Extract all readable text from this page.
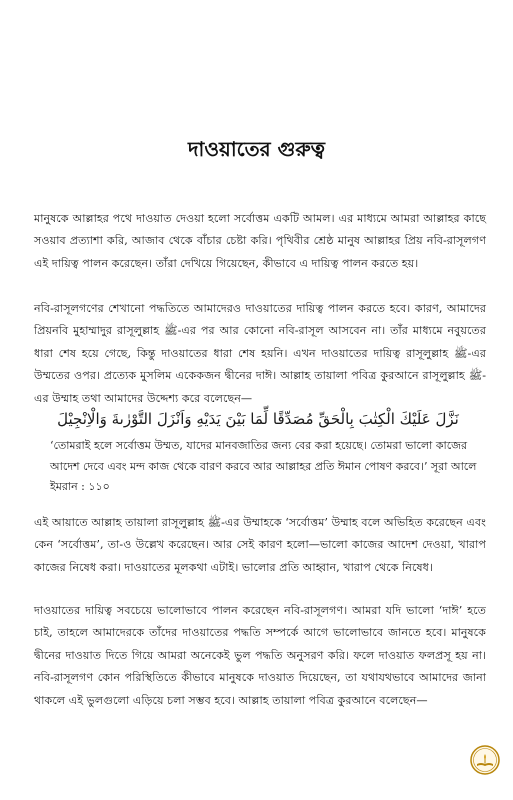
দাওয়াতের গুরুত্ব

মানুষকে আল্লাহর পথে দাওয়াত দেওয়া হলো সর্বোত্তম একটি আমল। এর মাধ্যমে আমরা আল্লাহর কাছে সওয়াব প্রত্যাশা করি, আজাব থেকে বাঁচার চেষ্টা করি। পৃথিবীর শ্রেষ্ঠ মানুষ আল্লাহর প্রিয় নবি-রাসূলগণ এই দায়িত্ব পালন করেছেন। তাঁরা দেখিয়ে গিয়েছেন, কীভাবে এ দায়িত্ব পালন করতে হয়।

নবি-রাসূলগণের শেখানো পদ্ধতিতে আমাদেরও দাওয়াতের দায়িত্ব পালন করতে হবে। কারণ, আমাদের প্রিয়নবি মুহাম্মাদুর রাসূলুল্লাহ ﷺ-এর পর আর কোনো নবি-রাসূল আসবেন না। তাঁর মাধ্যমে নবুয়তের ধারা শেষ হয়ে গেছে, কিন্তু দাওয়াতের ধারা শেষ হয়নি। এখন দাওয়াতের দায়িত্ব রাসূলুল্লাহ ﷺ-এর উম্মতের ওপর। প্রত্যেক মুসলিম একেকজন দ্বীনের দাঈ। আল্লাহ তায়ালা পবিত্র কুরআনে রাসূলুল্লাহ ﷺ-এর উম্মাহ তথা আমাদের উদ্দেশ্য করে বলেছেন—

نَزَّلَ عَلَيْكَ الْكِتٰبَ بِالْحَقِّ مُصَدِّقًا لِّمَا بَيْنَ يَدَيْهِ وَاَنْزَلَ التَّوْرٰىةَ وَالْاِنْجِيْلَ

‘তোমরাই হলে সর্বোত্তম উম্মত, যাদের মানবজাতির জন্য বের করা হয়েছে। তোমরা ভালো কাজের আদেশ দেবে এবং মন্দ কাজ থেকে বারণ করবে আর আল্লাহর প্রতি ঈমান পোষণ করবে।’ সূরা আলে ইমরান : ১১০

এই আয়াতে আল্লাহ তায়ালা রাসূলুল্লাহ ﷺ-এর উম্মাহকে ‘সর্বোত্তম’ উম্মাহ বলে অভিহিত করেছেন এবং কেন ‘সর্বোত্তম’, তা-ও উল্লেখ করেছেন। আর সেই কারণ হলো—ভালো কাজের আদেশ দেওয়া, খারাপ কাজের নিষেধ করা। দাওয়াতের মূলকথা এটাই। ভালোর প্রতি আহ্বান, খারাপ থেকে নিষেধ।

দাওয়াতের দায়িত্ব সবচেয়ে ভালোভাবে পালন করেছেন নবি-রাসূলগণ। আমরা যদি ভালো ‘দাঈ’ হতে চাই, তাহলে আমাদেরকে তাঁদের দাওয়াতের পদ্ধতি সম্পর্কে আগে ভালোভাবে জানতে হবে। মানুষকে দ্বীনের দাওয়াত দিতে গিয়ে আমরা অনেকেই ভুল পদ্ধতি অনুসরণ করি। ফলে দাওয়াত ফলপ্রসূ হয় না। নবি-রাসূলগণ কোন পরিস্থিতিতে কীভাবে মানুষকে দাওয়াত দিয়েছেন, তা যথাযথভাবে আমাদের জানা থাকলে এই ভুলগুলো এড়িয়ে চলা সম্ভব হবে। আল্লাহ তায়ালা পবিত্র কুরআনে বলেছেন—
